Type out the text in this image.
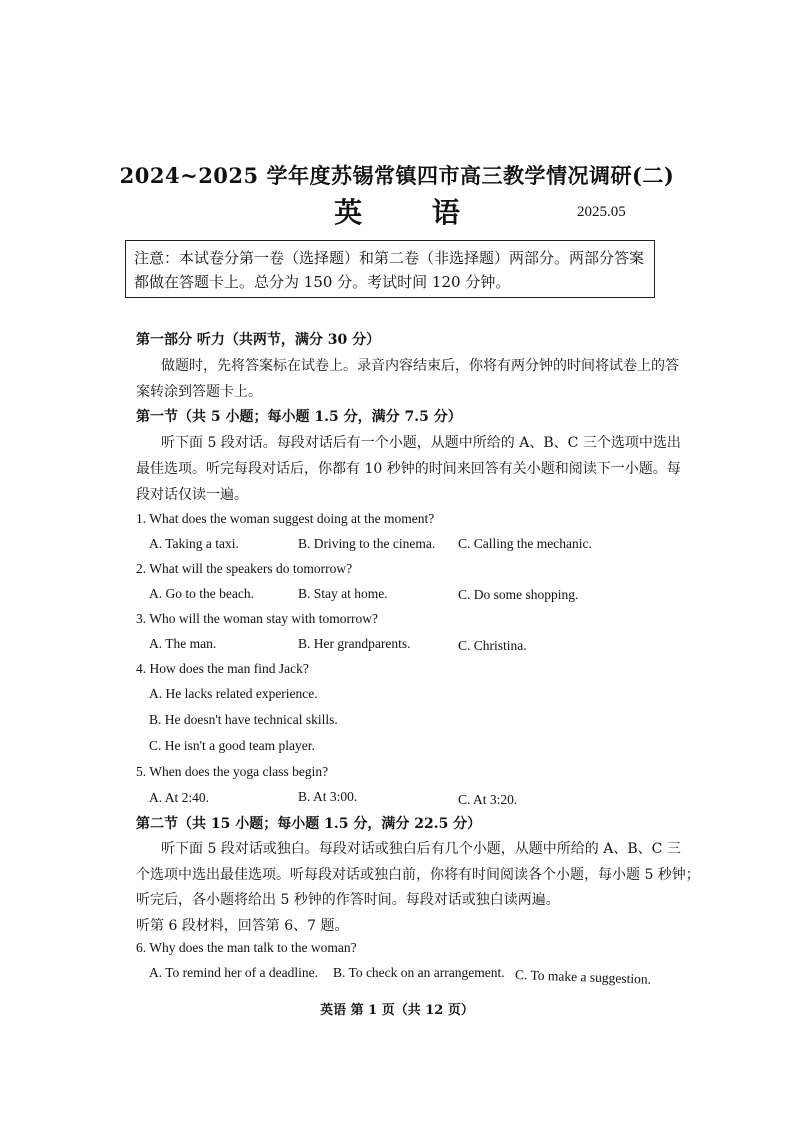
2024~2025 学年度苏锡常镇四市高三教学情况调研(二)
英 语	2025.05
注意：本试卷分第一卷（选择题）和第二卷（非选择题）两部分。两部分答案都做在答题卡上。总分为 150 分。考试时间 120 分钟。
第一部分 听力（共两节，满分 30 分）
做题时，先将答案标在试卷上。录音内容结束后，你将有两分钟的时间将试卷上的答
案转涂到答题卡上。
第一节（共 5 小题；每小题 1.5 分，满分 7.5 分）
听下面 5 段对话。每段对话后有一个小题，从题中所给的 A、B、C 三个选项中选出
最佳选项。听完每段对话后，你都有 10 秒钟的时间来回答有关小题和阅读下一小题。每
段对话仅读一遍。
1. What does the woman suggest doing at the moment?
A. Taking a taxi.	B. Driving to the cinema. C. Calling the mechanic.
2. What will the speakers do tomorrow?
A. Go to the beach.	B. Stay at home.	C. Do some shopping.
3. Who will the woman stay with tomorrow?
A. The man.	B. Her grandparents.	C. Christina.
4. How does the man find Jack?
A. He lacks related experience.
B. He doesn't have technical skills.
C. He isn't a good team player.
5. When does the yoga class begin?
A. At 2:40.	B. At 3:00.	C. At 3:20.
第二节（共 15 小题；每小题 1.5 分，满分 22.5 分）
听下面 5 段对话或独白。每段对话或独白后有几个小题，从题中所给的 A、B、C 三
个选项中选出最佳选项。听每段对话或独白前，你将有时间阅读各个小题，每小题 5 秒钟；
听完后，各小题将给出 5 秒钟的作答时间。每段对话或独白读两遍。
听第 6 段材料，回答第 6、7 题。
6. Why does the man talk to the woman?
A. To remind her of a deadline. B. To check on an arrangement. C. To make a suggestion.
英语 第 1 页（共 12 页）
